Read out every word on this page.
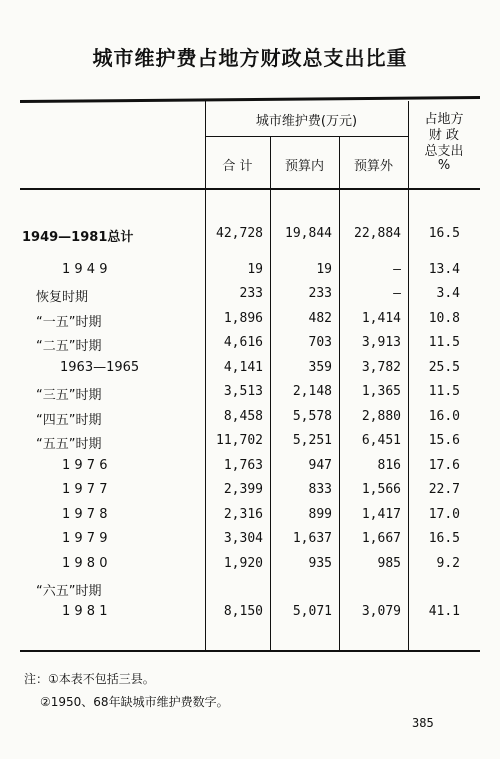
城市维护费占地方财政总支出比重
城市维护费(万元)
合 计	预算内	预算外
占地方
财 政
总支出
%
1949—1981总计	42,728	19,844	22,884	16.5
1 9 4 9	19	19	—	13.4
恢复时期	233	233	—	3.4
“一五”时期	1,896	482	1,414	10.8
“二五”时期	4,616	703	3,913	11.5
1963—1965	4,141	359	3,782	25.5
“三五”时期	3,513	2,148	1,365	11.5
“四五”时期	8,458	5,578	2,880	16.0
“五五”时期	11,702	5,251	6,451	15.6
1 9 7 6	1,763	947	816	17.6
1 9 7 7	2,399	833	1,566	22.7
1 9 7 8	2,316	899	1,417	17.0
1 9 7 9	3,304	1,637	1,667	16.5
1 9 8 0	1,920	935	985	9.2
“六五”时期
1 9 8 1	8,150	5,071	3,079	41.1
注：①本表不包括三县。
②1950、68年缺城市维护费数字。
385
